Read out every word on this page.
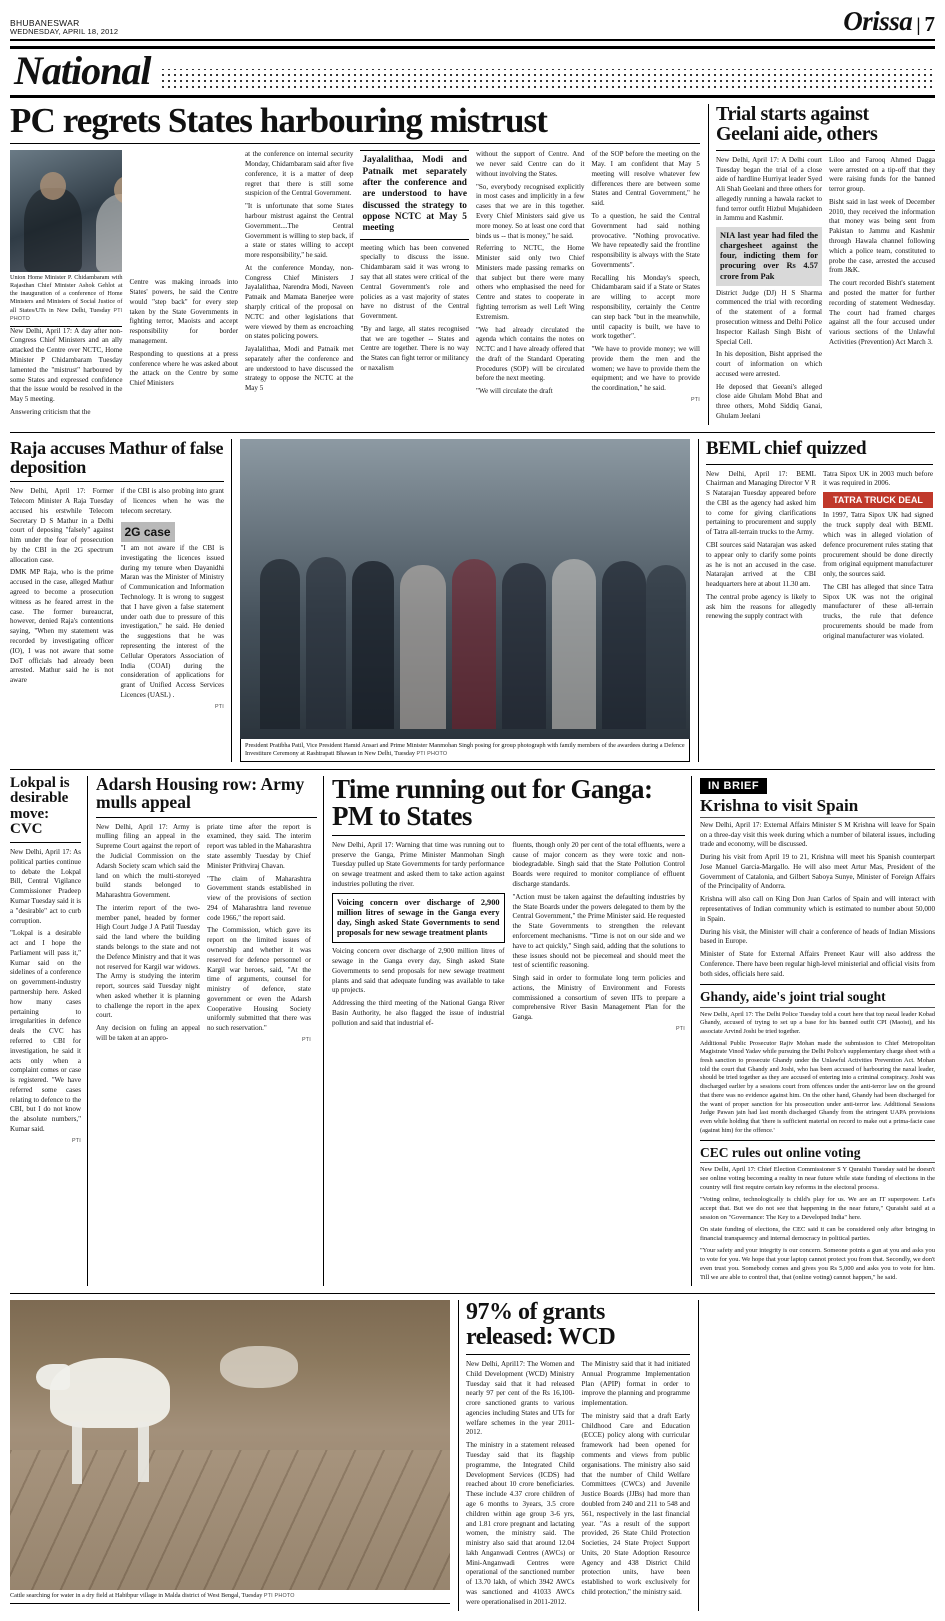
BHUBANESWAR
WEDNESDAY, APRIL 18, 2012	Orissa | 7
National
PC regrets States harbouring mistrust
Union Home Minister P. Chidambaram with Rajasthan Chief Minister Ashok Gehlot at the inauguration of a conference of Home Ministers and Ministers of Social Justice of all States/UTs in New Delhi, Tuesday PTI PHOTO

New Delhi, April 17: A day after non-Congress Chief Ministers and an ally attacked the Centre over NCTC, Home Minister P Chidambaram Tuesday lamented the "mistrust" harboured by some States and expressed confidence that the issue would be resolved in the May 5 meeting.

Answering criticism that the

Centre was making inroads into States' powers, he said the Centre would "step back" for every step taken by the State Governments in fighting terror, Maoists and accept responsibility for border management.

Responding to questions at a press conference where he was asked about the attack on the Centre by some Chief Ministers

at the conference on internal security Monday, Chidambaram said after five conference, it is a matter of deep regret that there is still some suspicion of the Central Government.

"It is unfortunate that some States harbour mistrust against the Central Government....The Central Government is willing to step back, if a state or states willing to accept more responsibility," he said.

At the conference Monday, non-Congress Chief Ministers J Jayalalithaa, Narendra Modi, Naveen Patnaik and Mamata Banerjee were sharply critical of the proposal on NCTC and other legislations that were viewed by them as encroaching on states policing powers.

Jayalalithaa, Modi and Patnaik met separately after the conference and are understood to have discussed the strategy to oppose the NCTC at the May 5

Jayalalithaa, Modi and Patnaik met separately after the conference and are understood to have discussed the strategy to oppose NCTC at May 5 meeting

meeting which has been convened specially to discuss the issue. Chidambaram said it was wrong to say that all states were critical of the Central Government's role and policies as a vast majority of states have no distrust of the Central Government.

"By and large, all states recognised that we are together -- States and Centre are together. There is no way the States can fight terror or militancy or naxalism

without the support of Centre. And we never said Centre can do it without involving the States.

"So, everybody recognised explicitly in most cases and implicitly in a few cases that we are in this together. Every Chief Ministers said give us more money. So at least one cord that binds us -- that is money," he said.

Referring to NCTC, the Home Minister said only two Chief Ministers made passing remarks on that subject but there were many others who emphasised the need for Centre and states to cooperate in fighting terrorism as well Left Wing Extremism.

"We had already circulated the agenda which contains the notes on NCTC and I have already offered that the draft of the Standard Operating Procedures (SOP) will be circulated before the next meeting.

"We will circulate the draft

of the SOP before the meeting on the May. I am confident that May 5 meeting will resolve whatever few differences there are between some States and Central Government," he said.

To a question, he said the Central Government had said nothing provocative. "Nothing provocative. We have repeatedly said the frontline responsibility is always with the State Governments".

Recalling his Monday's speech, Chidambaram said if a State or States are willing to accept more responsibility, certainly the Centre can step back "but in the meanwhile, until capacity is built, we have to work together".

"We have to provide money; we will provide them the men and the women; we have to provide them the equipment; and we have to provide the coordination," he said.

PTI
Trial starts against Geelani aide, others

New Delhi, April 17: A Delhi court Tuesday began the trial of a close aide of hardline Hurriyat leader Syed Ali Shah Geelani and three others for allegedly running a hawala racket to fund terror outfit Hizbul Mujahideen in Jammu and Kashmir.

NIA last year had filed the chargesheet against the four, indicting them for procuring over Rs 4.57 crore from Pak

District Judge (DJ) H S Sharma commenced the trial with recording of the statement of a formal prosecution witness and Delhi Police Inspector Kailash Singh Bisht of Special Cell.

In his deposition, Bisht apprised the court of information on which accused were arrested.

He deposed that Geeani's alleged close aide Ghulam Mohd Bhat and three others, Mohd Siddiq Ganai, Ghulam Jeelani

Liloo and Farooq Ahmed Dagga were arrested on a tip-off that they were raising funds for the banned terror group.

Bisht said in last week of December 2010, they received the information that money was being sent from Pakistan to Jammu and Kashmir through Hawala channel following which a police team, constituted to probe the case, arrested the accused from J&K.

The court recorded Bisht's statement and posted the matter for further recording of statement Wednesday. The court had framed charges against all the four accused under various sections of the Unlawful Activities (Prevention) Act March 3.

Raja accuses Mathur of false deposition

New Delhi, April 17: Former Telecom Minister A Raja Tuesday accused his erstwhile Telecom Secretary D S Mathur in a Delhi court of deposing "falsely" against him under the fear of prosecution by the CBI in the 2G spectrum allocation case.

DMK MP Raja, who is the prime accused in the case, alleged Mathur agreed to become a prosecution witness as he feared arrest in the case. The former bureaucrat, however, denied Raja's contentions saying, "When my statement was recorded by investigating officer (IO), I was not aware that some DoT officials had already been arrested. Mathur said he is not aware

if the CBI is also probing into grant of licences when he was the telecom secretary.

2G case

"I am not aware if the CBI is investigating the licences issued during my tenure when Dayanidhi Maran was the Minister of Ministry of Communication and Information Technology. It is wrong to suggest that I have given a false statement under oath due to pressure of this investigation," he said. He denied the suggestions that he was representing the interest of the Cellular Operators Association of India (COAI) during the consideration of applications for grant of Unified Access Services Licences (UASL) .

PTI
President Pratibha Patil, Vice President Hamid Ansari and Prime Minister Manmohan Singh posing for group photograph with family members of the awardees during a Defence Investiture Ceremony at Rashtrapati Bhawan in New Delhi, Tuesday PTI PHOTO
BEML chief quizzed

New Delhi, April 17: BEML Chairman and Managing Director V R S Natarajan Tuesday appeared before the CBI as the agency had asked him to come for giving clarifications pertaining to procurement and supply of Tatra all-terrain trucks to the Army.

CBI sources said Natarajan was asked to appear only to clarify some points as he is not an accused in the case. Natarajan arrived at the CBI headquarters here at about 11.30 am.

The central probe agency is likely to ask him the reasons for allegedly renewing the supply contract with

Tatra Sipox UK in 2003 much before it was required in 2006.

TATRA TRUCK DEAL

In 1997, Tatra Sipox UK had signed the truck supply deal with BEML which was in alleged violation of defence procurement rules stating that procurement should be done directly from original equipment manufacturer only, the sources said.

The CBI has alleged that since Tatra Sipox UK was not the original manufacturer of these all-terrain trucks, the rule that defence procurements should be made from original manufacturer was violated.

Lokpal is desirable move: CVC

New Delhi, April 17: As political parties continue to debate the Lokpal Bill, Central Vigilance Commissioner Pradeep Kumar Tuesday said it is a "desirable" act to curb corruption.

"Lokpal is a desirable act and I hope the Parliament will pass it," Kumar said on the sidelines of a conference on government-industry partnership here. Asked how many cases pertaining to irregularities in defence deals the CVC has referred to CBI for investigation, he said it acts only when a complaint comes or case is registered. "We have referred some cases relating to defence to the CBI, but I do not know the absolute numbers," Kumar said.

PTI
Adarsh Housing row: Army mulls appeal

New Delhi, April 17: Army is mulling filing an appeal in the Supreme Court against the report of the Judicial Commission on the Adarsh Society scam which said the land on which the multi-storeyed build stands belonged to Maharashtra Government.

The interim report of the two-member panel, headed by former High Court Judge J A Patil Tuesday said the land where the building stands belongs to the state and not the Defence Ministry and that it was not reserved for Kargil war widows. The Army is studying the interim report, sources said Tuesday night when asked whether it is planning to challenge the report in the apex court.

Any decision on fuling an appeal will be taken at an appro-

priate time after the report is examined, they said. The interim report was tabled in the Maharashtra state assembly Tuesday by Chief Minister Prithviraj Chavan.

"The claim of Maharashtra Government stands established in view of the provisions of section 294 of Maharashtra land revenue code 1966," the report said.

The Commission, which gave its report on the limited issues of ownership and whether it was reserved for defence personnel or Kargil war heroes, said, "At the time of arguments, counsel for ministry of defence, state government or even the Adarsh Cooperative Housing Society uniformly submitted that there was no such reservation."

PTI
Time running out for Ganga: PM to States

New Delhi, April 17: Warning that time was running out to preserve the Ganga, Prime Minister Manmohan Singh Tuesday pulled up State Governments for tardy performance on sewage treatment and asked them to take action against industries polluting the river.

Voicing concern over discharge of 2,900 million litres of sewage in the Ganga every day, Singh asked State Governments to send proposals for new sewage treatment plants

Voicing concern over discharge of 2,900 million litres of sewage in the Ganga every day, Singh asked State Governments to send proposals for new sewage treatment plants and said that adequate funding was available to take up projects.

Addressing the third meeting of the National Ganga River Basin Authority, he also flagged the issue of industrial pollution and said that industrial ef-

fluents, though only 20 per cent of the total effluents, were a cause of major concern as they were toxic and non-biodegradable. Singh said that the State Pollution Control Boards were required to monitor compliance of effluent discharge standards.

"Action must be taken against the defaulting industries by the State Boards under the powers delegated to them by the Central Government," the Prime Minister said. He requested the State Governments to strengthen the relevant enforcement mechanisms. "Time is not on our side and we have to act quickly," Singh said, adding that the solutions to these issues should not be piecemeal and should meet the test of scientific reasoning.

Singh said in order to formulate long term policies and actions, the Ministry of Environment and Forests commissioned a consortium of seven IITs to prepare a comprehensive River Basin Management Plan for the Ganga.

PTI
IN BRIEF
Krishna to visit Spain

New Delhi, April 17: External Affairs Minister S M Krishna will leave for Spain on a three-day visit this week during which a number of bilateral issues, including trade and economy, will be discussed.

During his visit from April 19 to 21, Krishna will meet his Spanish counterpart Jose Manuel Garcia-Margallo. He will also meet Artur Mas, President of the Government of Catalonia, and Gilbert Saboya Sunye, Minister of Foreign Affairs of the Principality of Andorra.

Krishna will also call on King Don Juan Carlos of Spain and will interact with representatives of Indian community which is estimated to number about 50,000 in Spain.

During his visit, the Minister will chair a conference of heads of Indian Missions based in Europe.

Minister of State for External Affairs Preneet Kaur will also address the Conference. There have been regular high-level ministerial and official visits from both sides, officials here said.

Ghandy, aide's joint trial sought

New Delhi, April 17: The Delhi Police Tuesday told a court here that top naxal leader Kobad Ghandy, accused of trying to set up a base for his banned outfit CPI (Maoist), and his associate Arvind Joshi be tried together.

Additional Public Prosecutor Rajiv Mohan made the submission to Chief Metropolitan Magistrate Vinod Yadav while pursuing the Delhi Police's supplementary charge sheet with a fresh sanction to prosecute Ghandy under the Unlawful Activities Prevention Act. Mohan told the court that Ghandy and Joshi, who has been accused of harbouring the naxal leader, should be tried together as they are accused of entering into a criminal conspiracy. Joshi was discharged earlier by a sessions court from offences under the anti-terror law on the ground that there was no evidence against him. On the other hand, Ghandy had been discharged for the want of proper sanction for his prosecution under anti-terror law. Additional Sessions Judge Pawan jain had last month discharged Ghandy from the stringent UAPA provisions even while holding that 'there is sufficient material on record to make out a prima-facie case (against him) for the offence.'

CEC rules out online voting

New Delhi, April 17: Chief Election Commissioner S Y Quraishi Tuesday said he doesn't see online voting becoming a reality in near future while state funding of elections in the country will first require certain key reforms in the electoral process.

"Voting online, technologically is child's play for us. We are an IT superpower. Let's accept that. But we do not see that happening in the near future," Quraishi said at a session on "Governance: The Key to a Developed India" here.

On state funding of elections, the CEC said it can be considered only after bringing in financial transparency and internal democracy in political parties.

"Your safety and your integrity is our concern. Someone points a gun at you and asks you to vote for you. We hope that your laptop cannot protect you from that. Secondly, we don't even trust you. Somebody comes and gives you Rs 5,000 and asks you to vote for him. Till we are able to control that, that (online voting) cannot happen," he said.

Cattle searching for water in a dry field at Habibpur village in Malda district of West Bengal, Tuesday PTI PHOTO
97% of grants released: WCD

New Delhi, April17: The Women and Child Development (WCD) Ministry Tuesday said that it had released nearly 97 per cent of the Rs 16,100-crore sanctioned grants to various agencies including States and UTs for welfare schemes in the year 2011-2012.

The ministry in a statement released Tuesday said that its flagship programme, the Integrated Child Development Services (ICDS) had reached about 10 crore beneficiaries. These include 4.37 crore children of age 6 months to 3years, 3.5 crore children within age group 3-6 yrs, and 1.81 crore pregnant and lactating women, the ministry said. The ministry also said that around 12.04 lakh Anganwadi Centres (AWCs) or Mini-Anganwadi Centres were operational of the sanctioned number of 13.70 lakh, of which 3942 AWCs was sanctioned and 41033 AWCs were operationalised in 2011-2012.

The Ministry said that it had initiated Annual Programme Implementation Plan (APIP) format in order to improve the planning and programme implementation.

The ministry said that a draft Early Childhood Care and Education (ECCE) policy along with curricular framework had been opened for comments and views from public organisations. The ministry also said that the number of Child Welfare Committees (CWCs) and Juvenile Justice Boards (JJBs) had more than doubled from 240 and 211 to 548 and 561, respectively in the last financial year. "As a result of the support provided, 26 State Child Protection Societies, 24 State Project Support Units, 20 State Adoption Resource Agency and 438 District Child protection units, have been established to work exclusively for child protection," the ministry said.
